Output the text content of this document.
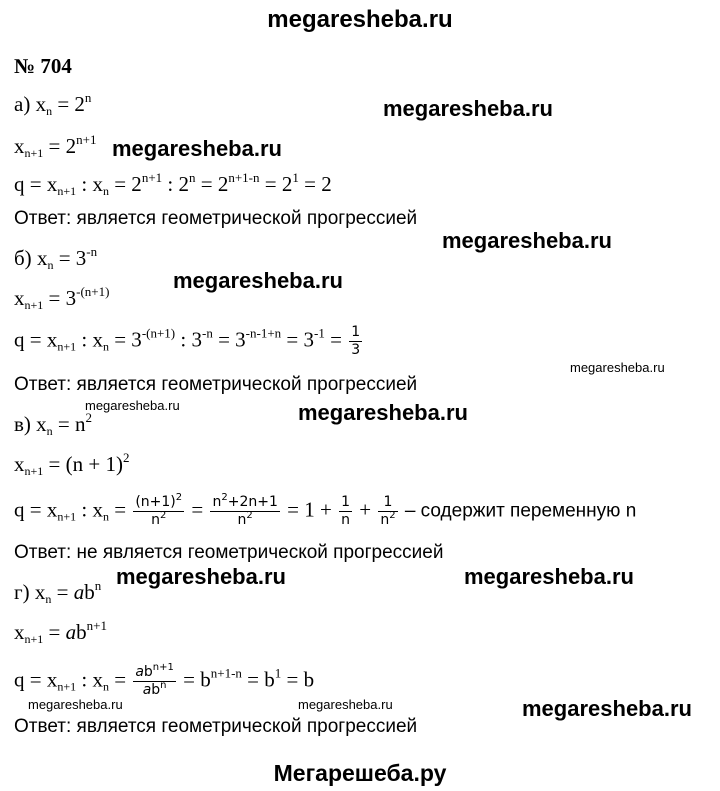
megaresheba.ru
№ 704
а) $x_n = 2^n$	megaresheba.ru
$x_{n+1} = 2^{n+1}$ megaresheba.ru
$q = x_{n+1}$ : $x_n = 2^{n+1}$ : $2^n = 2^{n+1-n} = 2^1 = 2$
Ответ: является геометрической прогрессией
megaresheba.ru
б) $x_n = 3^{-n}$
megaresheba.ru
$x_{n+1} = 3^{-(n+1)}$
$q = x_{n+1}$ : $x_n = 3^{-(n+1)}$ : $3^{-n} = 3^{-n-1+n} = 3^{-1} = \frac{1}{3}$
megaresheba.ru
Ответ: является геометрической прогрессией
megaresheba.ru	megaresheba.ru
в) $x_n = n^2$
$x_{n+1} = (n + 1)^2$
$q = x_{n+1}$ : $x_n = \frac{(n+1)^2}{n^2} = \frac{n^2+2n+1}{n^2} = 1 + \frac{1}{n} + \frac{1}{n^2}$ – содержит переменную n
Ответ: не является геометрической прогрессией
megaresheba.ru	megaresheba.ru
г) $x_n = ab^n$
$x_{n+1} = ab^{n+1}$
$q = x_{n+1}$ : $x_n = \frac{ab^{n+1}}{ab^n} = b^{n+1-n} = b^1 = b$
megaresheba.ru	megaresheba.ru	megaresheba.ru
Ответ: является геометрической прогрессией
Мегарешеба.ру
